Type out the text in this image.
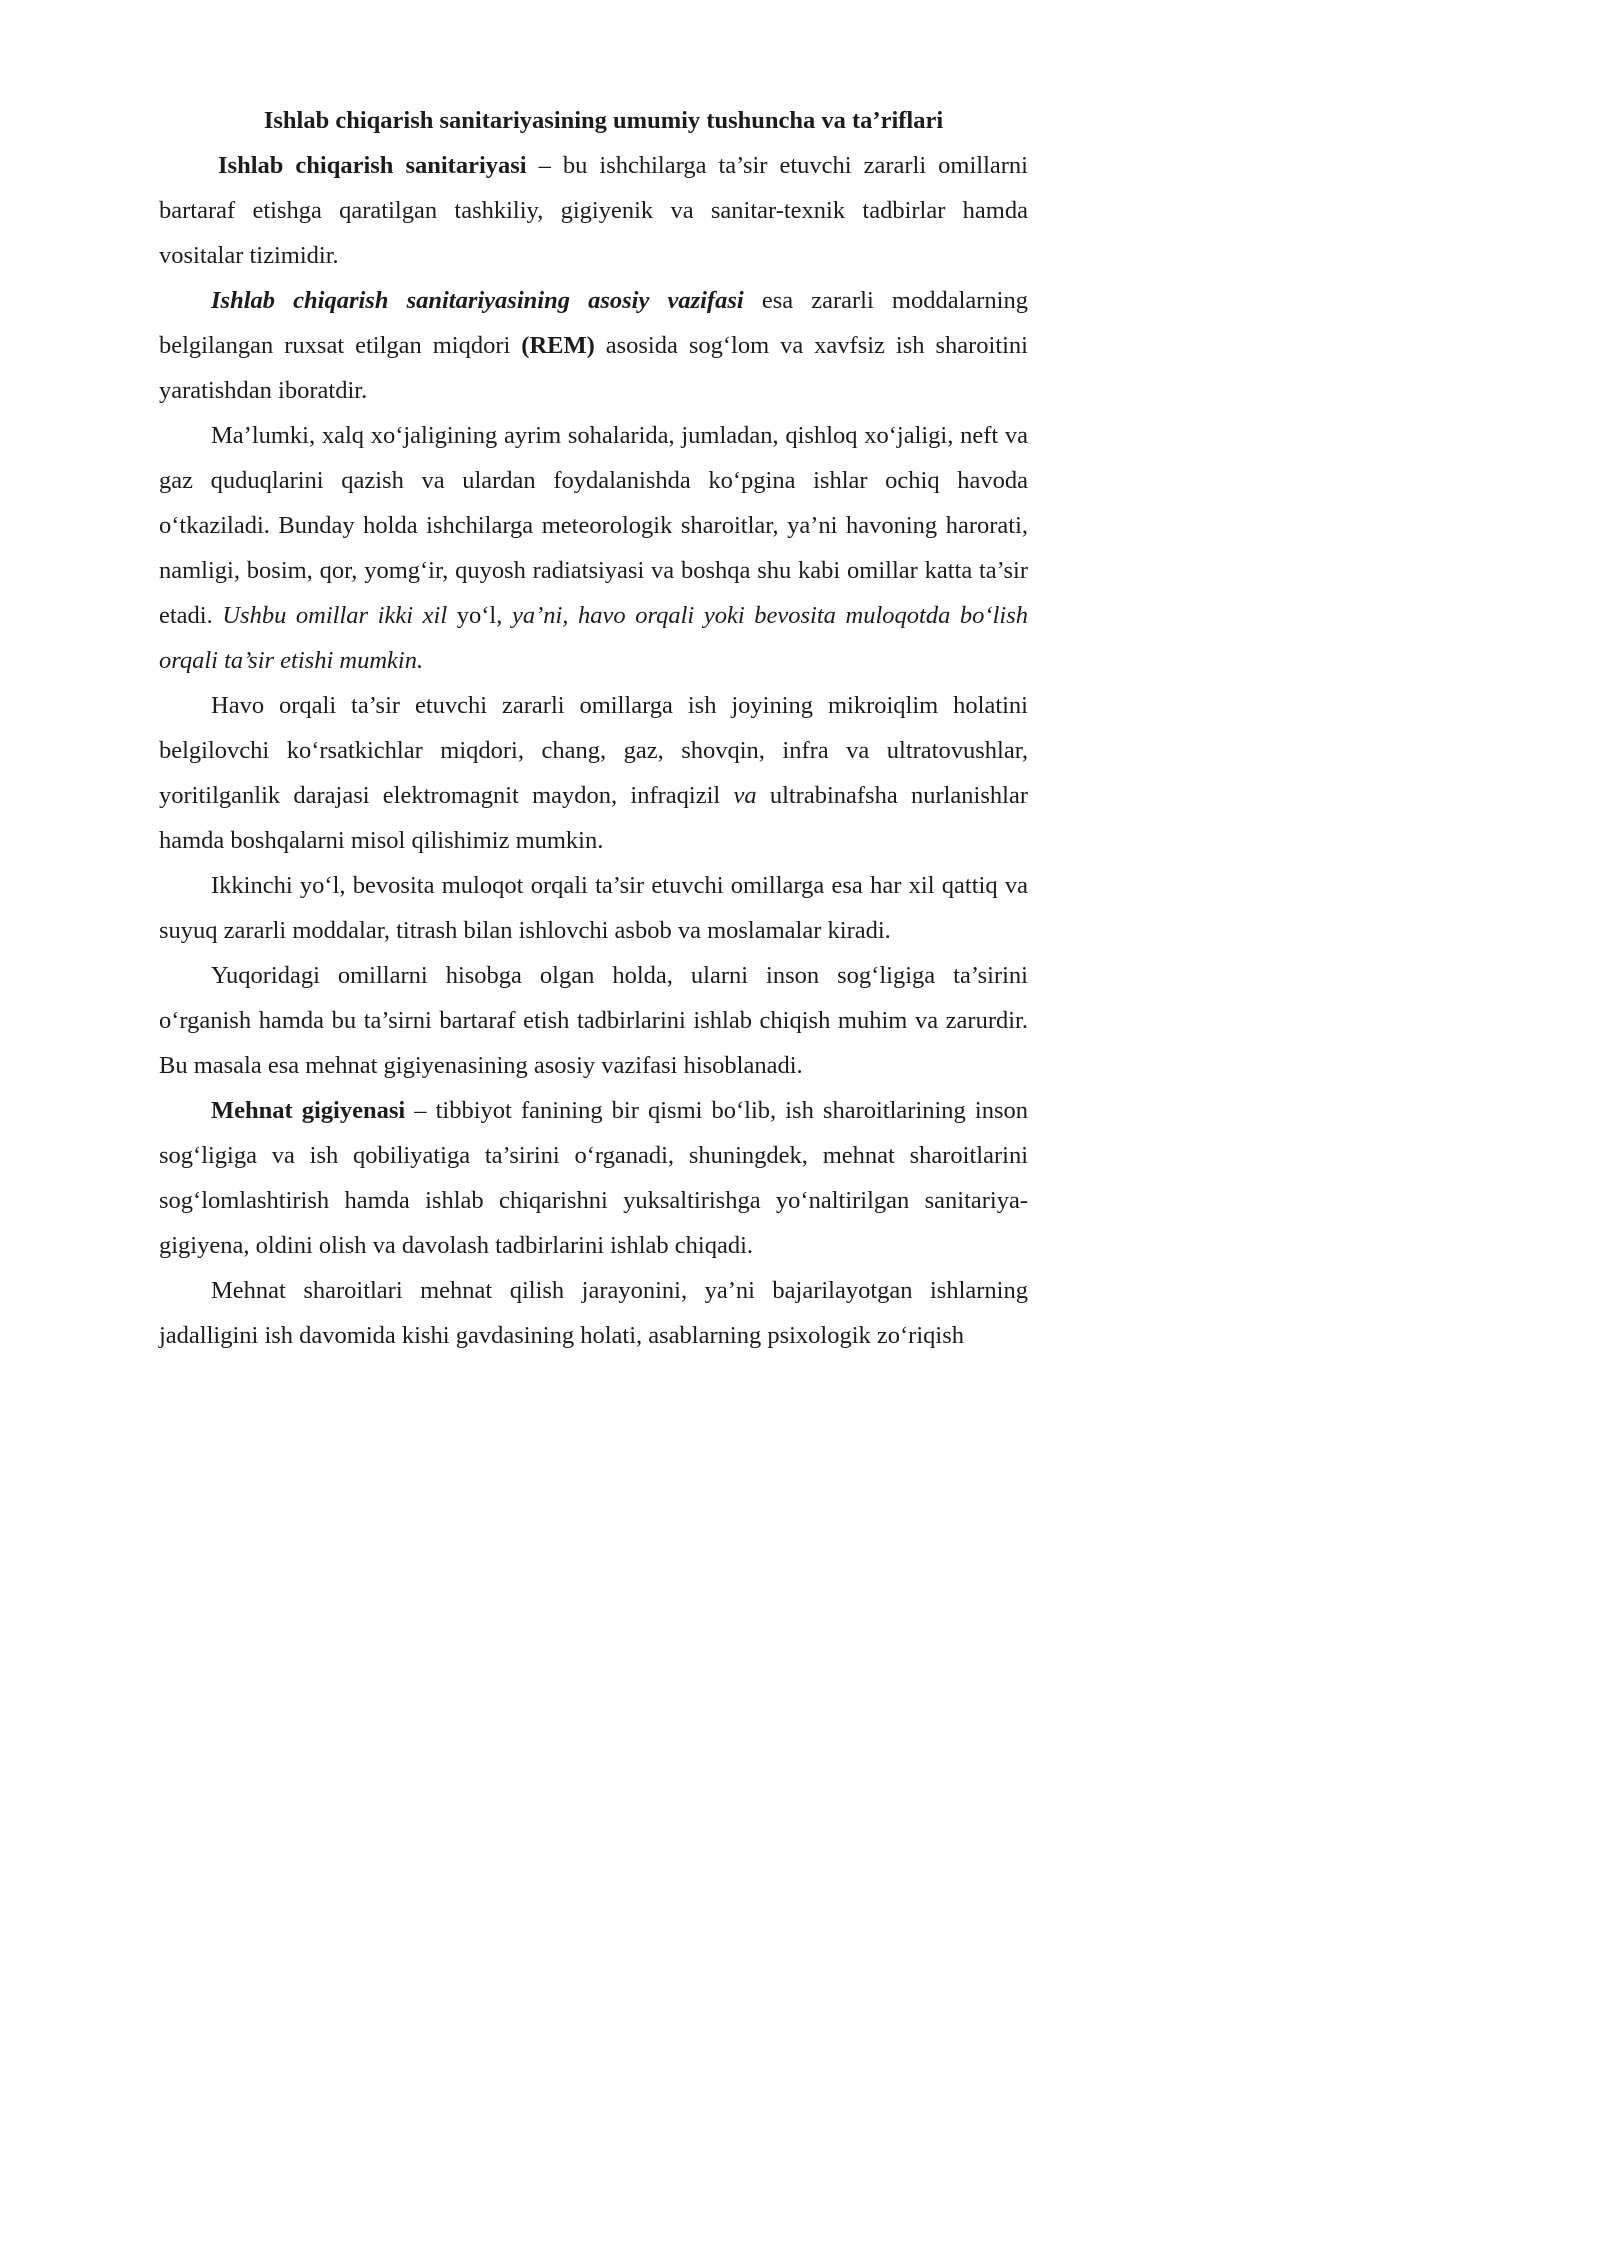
Ishlab chiqarish sanitariyasining umumiy tushuncha va ta’riflari

Ishlab chiqarish sanitariyasi – bu ishchilarga ta’sir etuvchi zararli omillarni bartaraf etishga qaratilgan tashkiliy, gigiyenik va sanitar-texnik tadbirlar hamda vositalar tizimidir.

Ishlab chiqarish sanitariyasining asosiy vazifasi esa zararli moddalarning belgilangan ruxsat etilgan miqdori (REM) asosida sog‘lom va xavfsiz ish sharoitini yaratishdan iboratdir.

Ma’lumki, xalq xo‘jaligining ayrim sohalarida, jumladan, qishloq xo‘jaligi, neft va gaz quduqlarini qazish va ulardan foydalanishda ko‘pgina ishlar ochiq havoda o‘tkaziladi. Bunday holda ishchilarga meteorologik sharoitlar, ya’ni havoning harorati, namligi, bosim, qor, yomg‘ir, quyosh radiatsiyasi va boshqa shu kabi omillar katta ta’sir etadi. Ushbu omillar ikki xil yo‘l, ya’ni, havo orqali yoki bevosita muloqotda bo‘lish orqali ta’sir etishi mumkin.

Havo orqali ta’sir etuvchi zararli omillarga ish joyining mikroiqlim holatini belgilovchi ko‘rsatkichlar miqdori, chang, gaz, shovqin, infra va ultratovushlar, yoritilganlik darajasi elektromagnit maydon, infraqizil va ultrabinafsha nurlanishlar hamda boshqalarni misol qilishimiz mumkin.

Ikkinchi yo‘l, bevosita muloqot orqali ta’sir etuvchi omillarga esa har xil qattiq va suyuq zararli moddalar, titrash bilan ishlovchi asbob va moslamalar kiradi.

Yuqoridagi omillarni hisobga olgan holda, ularni inson sog‘ligiga ta’sirini o‘rganish hamda bu ta’sirni bartaraf etish tadbirlarini ishlab chiqish muhim va zarurdir. Bu masala esa mehnat gigiyenasining asosiy vazifasi hisoblanadi.

Mehnat gigiyenasi – tibbiyot fanining bir qismi bo‘lib, ish sharoitlarining inson sog‘ligiga va ish qobiliyatiga ta’sirini o‘rganadi, shuningdek, mehnat sharoitlarini sog‘lomlashtirish hamda ishlab chiqarishni yuksaltirishga yo‘naltirilgan sanitariya-gigiyena, oldini olish va davolash tadbirlarini ishlab chiqadi.

Mehnat sharoitlari mehnat qilish jarayonini, ya’ni bajarilayotgan ishlarning jadalligini ish davomida kishi gavdasining holati, asablarning psixologik zo‘riqish
